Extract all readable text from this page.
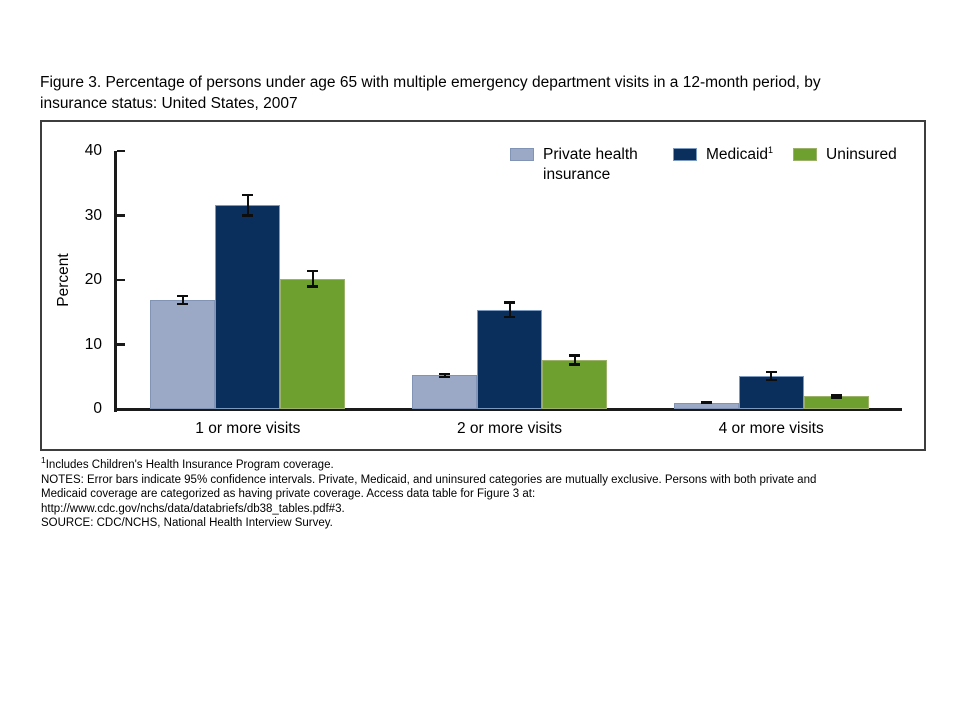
Figure 3. Percentage of persons under age 65 with multiple emergency department visits in a 12-month period, by
insurance status: United States, 2007
Private health insurance
Medicaid$^1$	Uninsured
Percent
0
10
20
30
40
1 or more visits	2 or more visits	4 or more visits
$^1$Includes Children's Health Insurance Program coverage.
NOTES: Error bars indicate 95% confidence intervals. Private, Medicaid, and uninsured categories are mutually exclusive. Persons with both private and
Medicaid coverage are categorized as having private coverage. Access data table for Figure 3 at:
http://www.cdc.gov/nchs/data/databriefs/db38_tables.pdf#3.
SOURCE: CDC/NCHS, National Health Interview Survey.
